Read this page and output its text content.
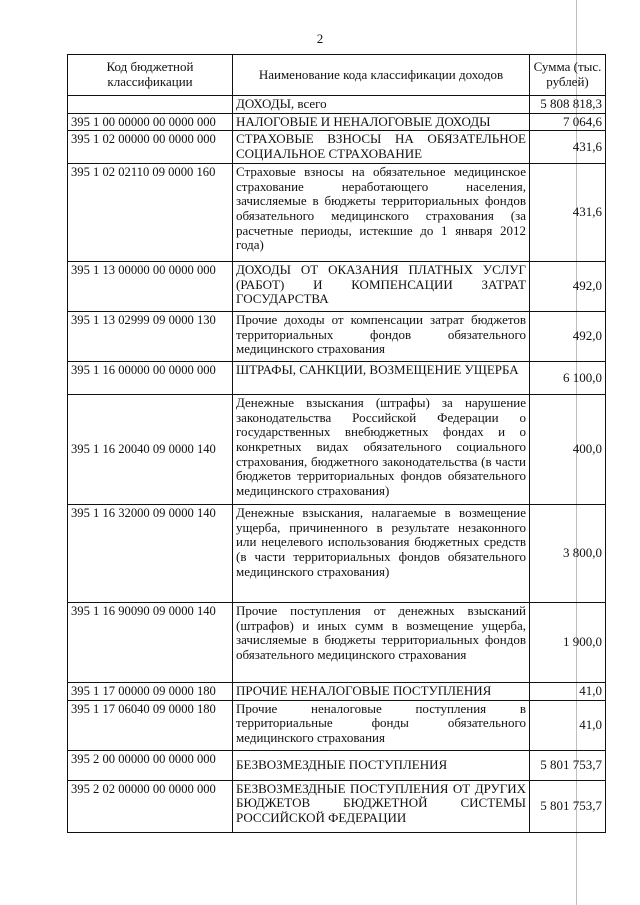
2
Код бюджетной классификации	Наименование кода классификации доходов	Сумма (тыс. рублей)
	ДОХОДЫ, всего	5 808 818,3
395 1 00 00000 00 0000 000	НАЛОГОВЫЕ И НЕНАЛОГОВЫЕ ДОХОДЫ	7 064,6
395 1 02 00000 00 0000 000	СТРАХОВЫЕ ВЗНОСЫ НА ОБЯЗАТЕЛЬНОЕ СОЦИАЛЬНОЕ СТРАХОВАНИЕ	431,6
395 1 02 02110 09 0000 160	Страховые взносы на обязательное медицинское страхование неработающего населения, зачисляемые в бюджеты территориальных фондов обязательного медицинского страхования (за расчетные периоды, истекшие до 1 января 2012 года)	431,6
395 1 13 00000 00 0000 000	ДОХОДЫ ОТ ОКАЗАНИЯ ПЛАТНЫХ УСЛУГ (РАБОТ) И КОМПЕНСАЦИИ ЗАТРАТ ГОСУДАРСТВА	492,0
395 1 13 02999 09 0000 130	Прочие доходы от компенсации затрат бюджетов территориальных фондов обязательного медицинского страхования	492,0
395 1 16 00000 00 0000 000	ШТРАФЫ, САНКЦИИ, ВОЗМЕЩЕНИЕ УЩЕРБА	6 100,0
395 1 16 20040 09 0000 140	Денежные взыскания (штрафы) за нарушение законодательства Российской Федерации о государственных внебюджетных фондах и о конкретных видах обязательного социального страхования, бюджетного законодательства (в части бюджетов территориальных фондов обязательного медицинского страхования)	400,0
395 1 16 32000 09 0000 140	Денежные взыскания, налагаемые в возмещение ущерба, причиненного в результате незаконного или нецелевого использования бюджетных средств (в части территориальных фондов обязательного медицинского страхования)	3 800,0
395 1 16 90090 09 0000 140	Прочие поступления от денежных взысканий (штрафов) и иных сумм в возмещение ущерба, зачисляемые в бюджеты территориальных фондов обязательного медицинского страхования	1 900,0
395 1 17 00000 09 0000 180	ПРОЧИЕ НЕНАЛОГОВЫЕ ПОСТУПЛЕНИЯ	41,0
395 1 17 06040 09 0000 180	Прочие неналоговые поступления в территориальные фонды обязательного медицинского страхования	41,0
395 2 00 00000 00 0000 000	БЕЗВОЗМЕЗДНЫЕ ПОСТУПЛЕНИЯ	5 801 753,7
395 2 02 00000 00 0000 000	БЕЗВОЗМЕЗДНЫЕ ПОСТУПЛЕНИЯ ОТ ДРУГИХ БЮДЖЕТОВ БЮДЖЕТНОЙ СИСТЕМЫ РОССИЙСКОЙ ФЕДЕРАЦИИ	5 801 753,7
